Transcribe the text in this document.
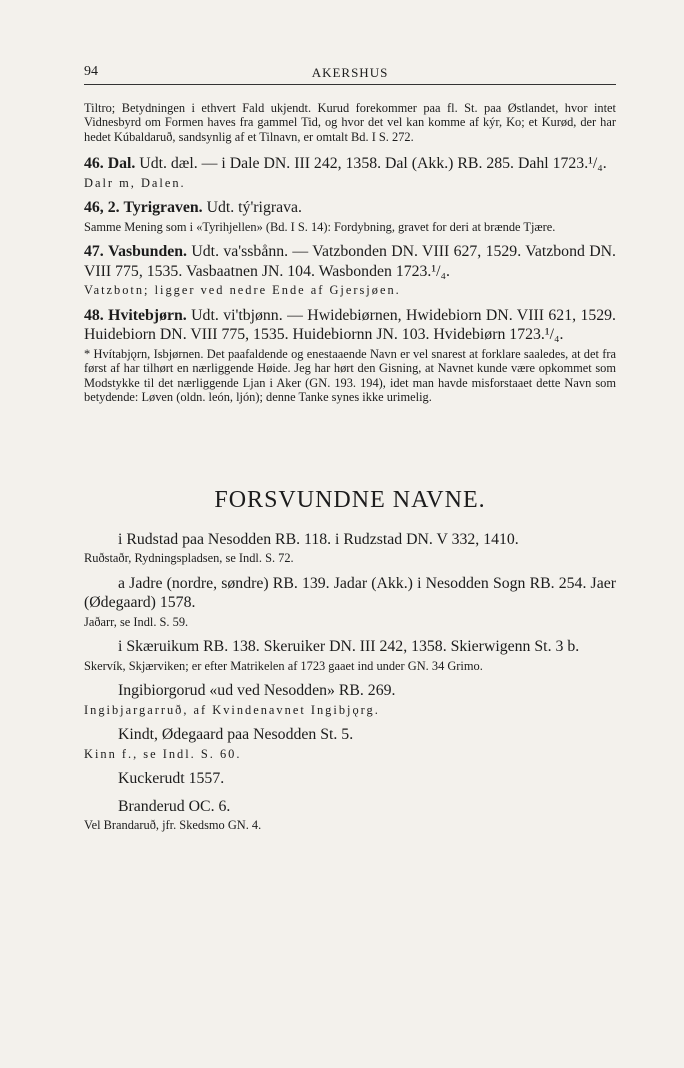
94	AKERSHUS

Tiltro; Betydningen i ethvert Fald ukjendt. Kurud forekommer paa fl. St. paa Østlandet, hvor intet Vidnesbyrd om Formen haves fra gammel Tid, og hvor det vel kan komme af kýr, Ko; et Kurød, der har hedet Kúbaldaruð, sandsynlig af et Tilnavn, er omtalt Bd. I S. 272.

46. Dal. Udt. dæl. — i Dale DN. III 242, 1358. Dal (Akk.) RB. 285. Dahl 1723.¹/₄.

Dalr m, Dalen.

46, 2. Tyrigraven. Udt. tý'rigrava.

Samme Mening som i «Tyrihjellen» (Bd. I S. 14): Fordybning, gravet for deri at brænde Tjære.

47. Vasbunden. Udt. va'ssbånn. — Vatzbonden DN. VIII 627, 1529. Vatzbond DN. VIII 775, 1535. Vasbaatnen JN. 104. Wasbonden 1723.¹/₄.

Vatzbotn; ligger ved nedre Ende af Gjersjøen.

48. Hvitebjørn. Udt. vi'tbjønn. — Hwidebiørnen, Hwidebiorn DN. VIII 621, 1529. Huidebiorn DN. VIII 775, 1535. Huidebiornn JN. 103. Hvidebiørn 1723.¹/₄.

* Hvítabjǫrn, Isbjørnen. Det paafaldende og enestaaende Navn er vel snarest at forklare saaledes, at det fra først af har tilhørt en nærliggende Høide. Jeg har hørt den Gisning, at Navnet kunde være opkommet som Modstykke til det nærliggende Ljan i Aker (GN. 193. 194), idet man havde misforstaaet dette Navn som betydende: Løven (oldn. león, ljón); denne Tanke synes ikke urimelig.

FORSVUNDNE NAVNE.

i Rudstad paa Nesodden RB. 118. i Rudzstad DN. V 332, 1410.

Ruðstaðr, Rydningspladsen, se Indl. S. 72.

a Jadre (nordre, søndre) RB. 139. Jadar (Akk.) i Nesodden Sogn RB. 254. Jaer (Ødegaard) 1578.

Jaðarr, se Indl. S. 59.

i Skæruikum RB. 138. Skeruiker DN. III 242, 1358. Skierwigenn St. 3 b.

Skervík, Skjærviken; er efter Matrikelen af 1723 gaaet ind under GN. 34 Grimo.

Ingibiorgorud «ud ved Nesodden» RB. 269.

Ingibjargarruð, af Kvindenavnet Ingibjǫrg.

Kindt, Ødegaard paa Nesodden St. 5.

Kinn f., se Indl. S. 60.

Kuckerudt 1557.

Branderud OC. 6.

Vel Brandaruð, jfr. Skedsmo GN. 4.
